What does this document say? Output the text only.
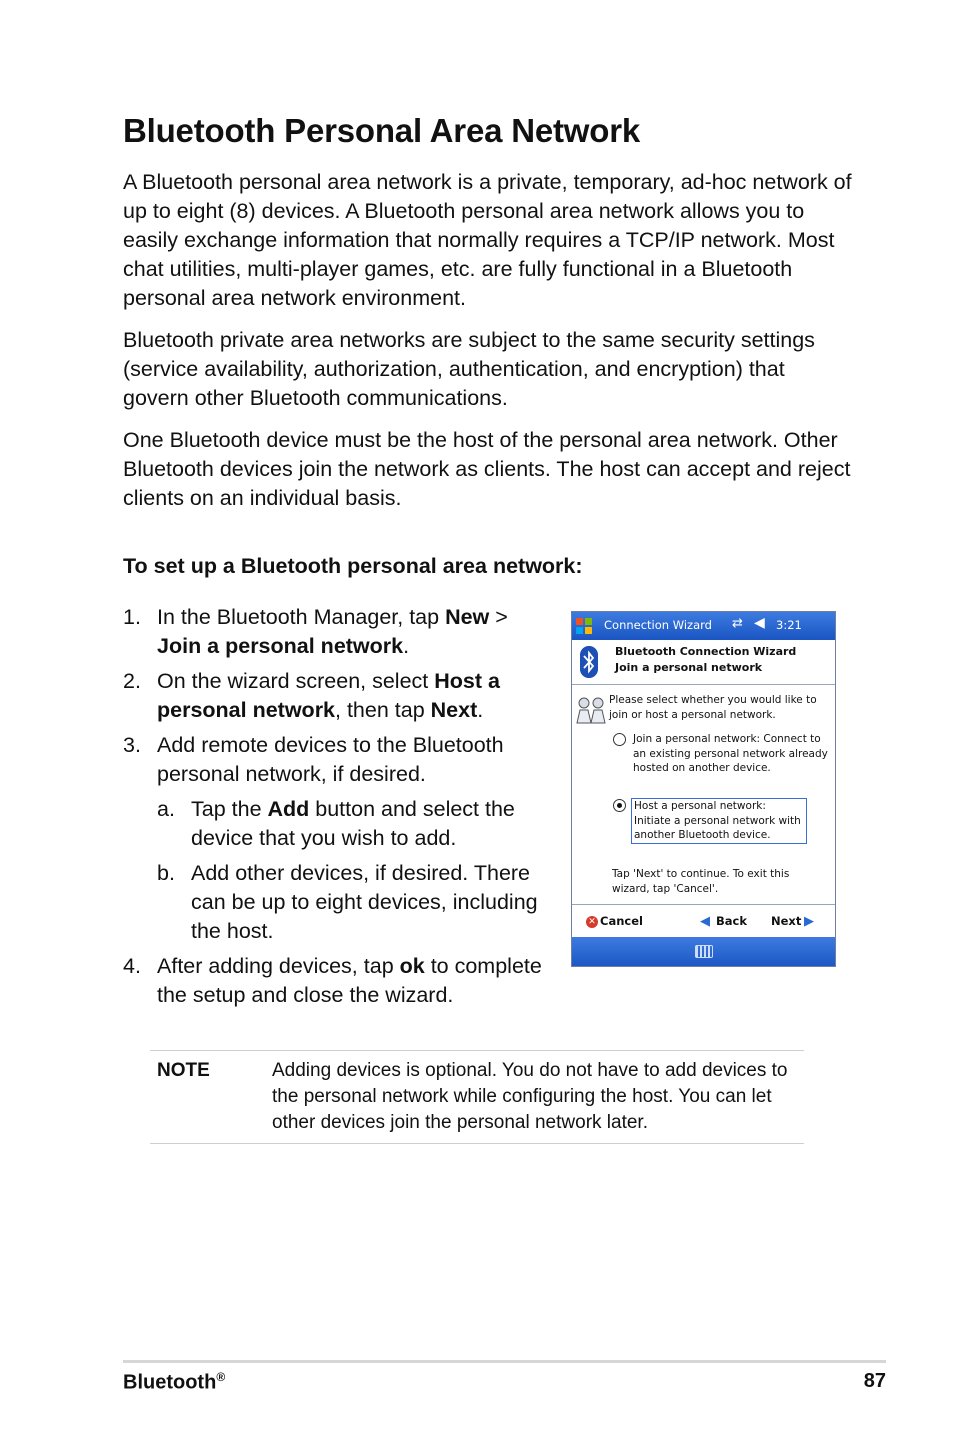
Bluetooth Personal Area Network

A Bluetooth personal area network is a private, temporary, ad-hoc network of up to eight (8) devices. A Bluetooth personal area network allows you to easily exchange information that normally requires a TCP/IP network. Most chat utilities, multi-player games, etc. are fully functional in a Bluetooth personal area network environment.

Bluetooth private area networks are subject to the same security settings (service availability, authorization, authentication, and encryption) that govern other Bluetooth communications.

One Bluetooth device must be the host of the personal area network. Other Bluetooth devices join the network as clients. The host can accept and reject clients on an individual basis.

To set up a Bluetooth personal area network:
1. In the Bluetooth Manager, tap New > Join a personal network.
2. On the wizard screen, select Host a personal network, then tap Next.
3. Add remote devices to the Bluetooth personal network, if desired.
a. Tap the Add button and select the device that you wish to add.
b. Add other devices, if desired. There can be up to eight devices, including the host.
4. After adding devices, tap ok to complete the setup and close the wizard.
Connection Wizard ⇄ ◀ 3:21
Bluetooth Connection Wizard
Join a personal network
Please select whether you would like to join or host a personal network.
Join a personal network: Connect to an existing personal network already hosted on another device.
Host a personal network: Initiate a personal network with another Bluetooth device.
Tap 'Next' to continue. To exit this wizard, tap 'Cancel'.
✕ Cancel	◀ Back Next ▶
NOTE	Adding devices is optional. You do not have to add devices to the personal network while configuring the host. You can let other devices join the personal network later.

Bluetooth®	87
